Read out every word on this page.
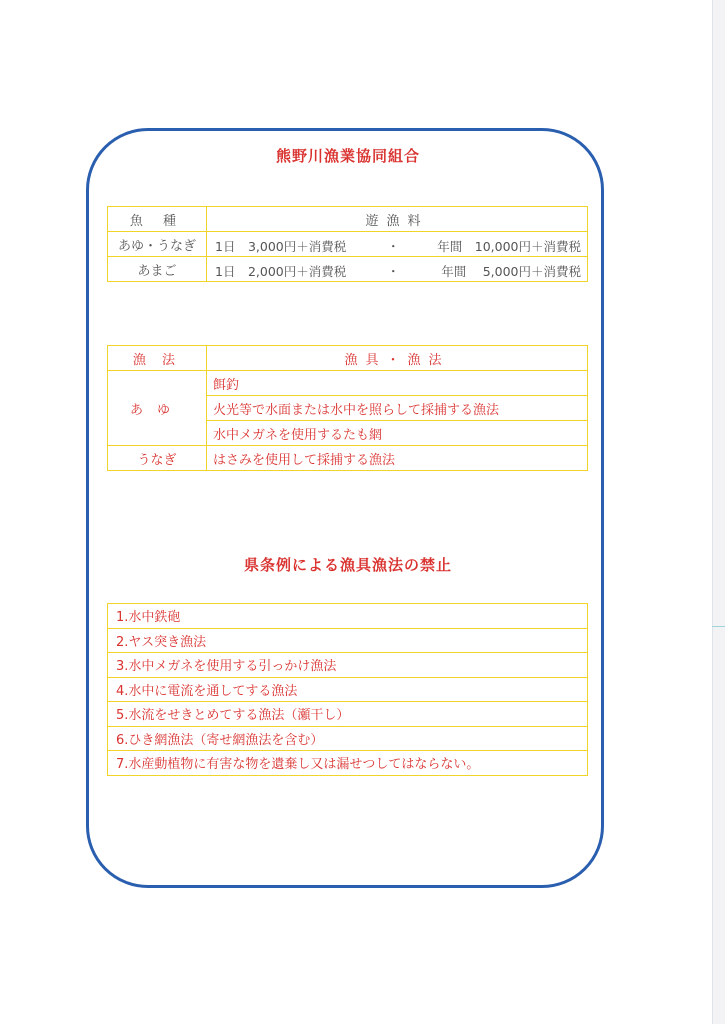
熊野川漁業協同組合
魚 種	遊漁料
あゆ・うなぎ	1日　3,000円＋消費税 ・ 年間　10,000円＋消費税

あまご	1日　2,000円＋消費税 ・ 年間　 5,000円＋消費税
漁 法	漁具・漁法
あゆ	餌釣
	火光等で水面または水中を照らして採捕する漁法
	水中メガネを使用するたも網
うなぎ	はさみを使用して採捕する漁法
県条例による漁具漁法の禁止
1.水中鉄砲
2.ヤス突き漁法
3.水中メガネを使用する引っかけ漁法
4.水中に電流を通してする漁法
5.水流をせきとめてする漁法（瀬干し）
6.ひき網漁法（寄せ網漁法を含む）
7.水産動植物に有害な物を遺棄し又は漏せつしてはならない。
